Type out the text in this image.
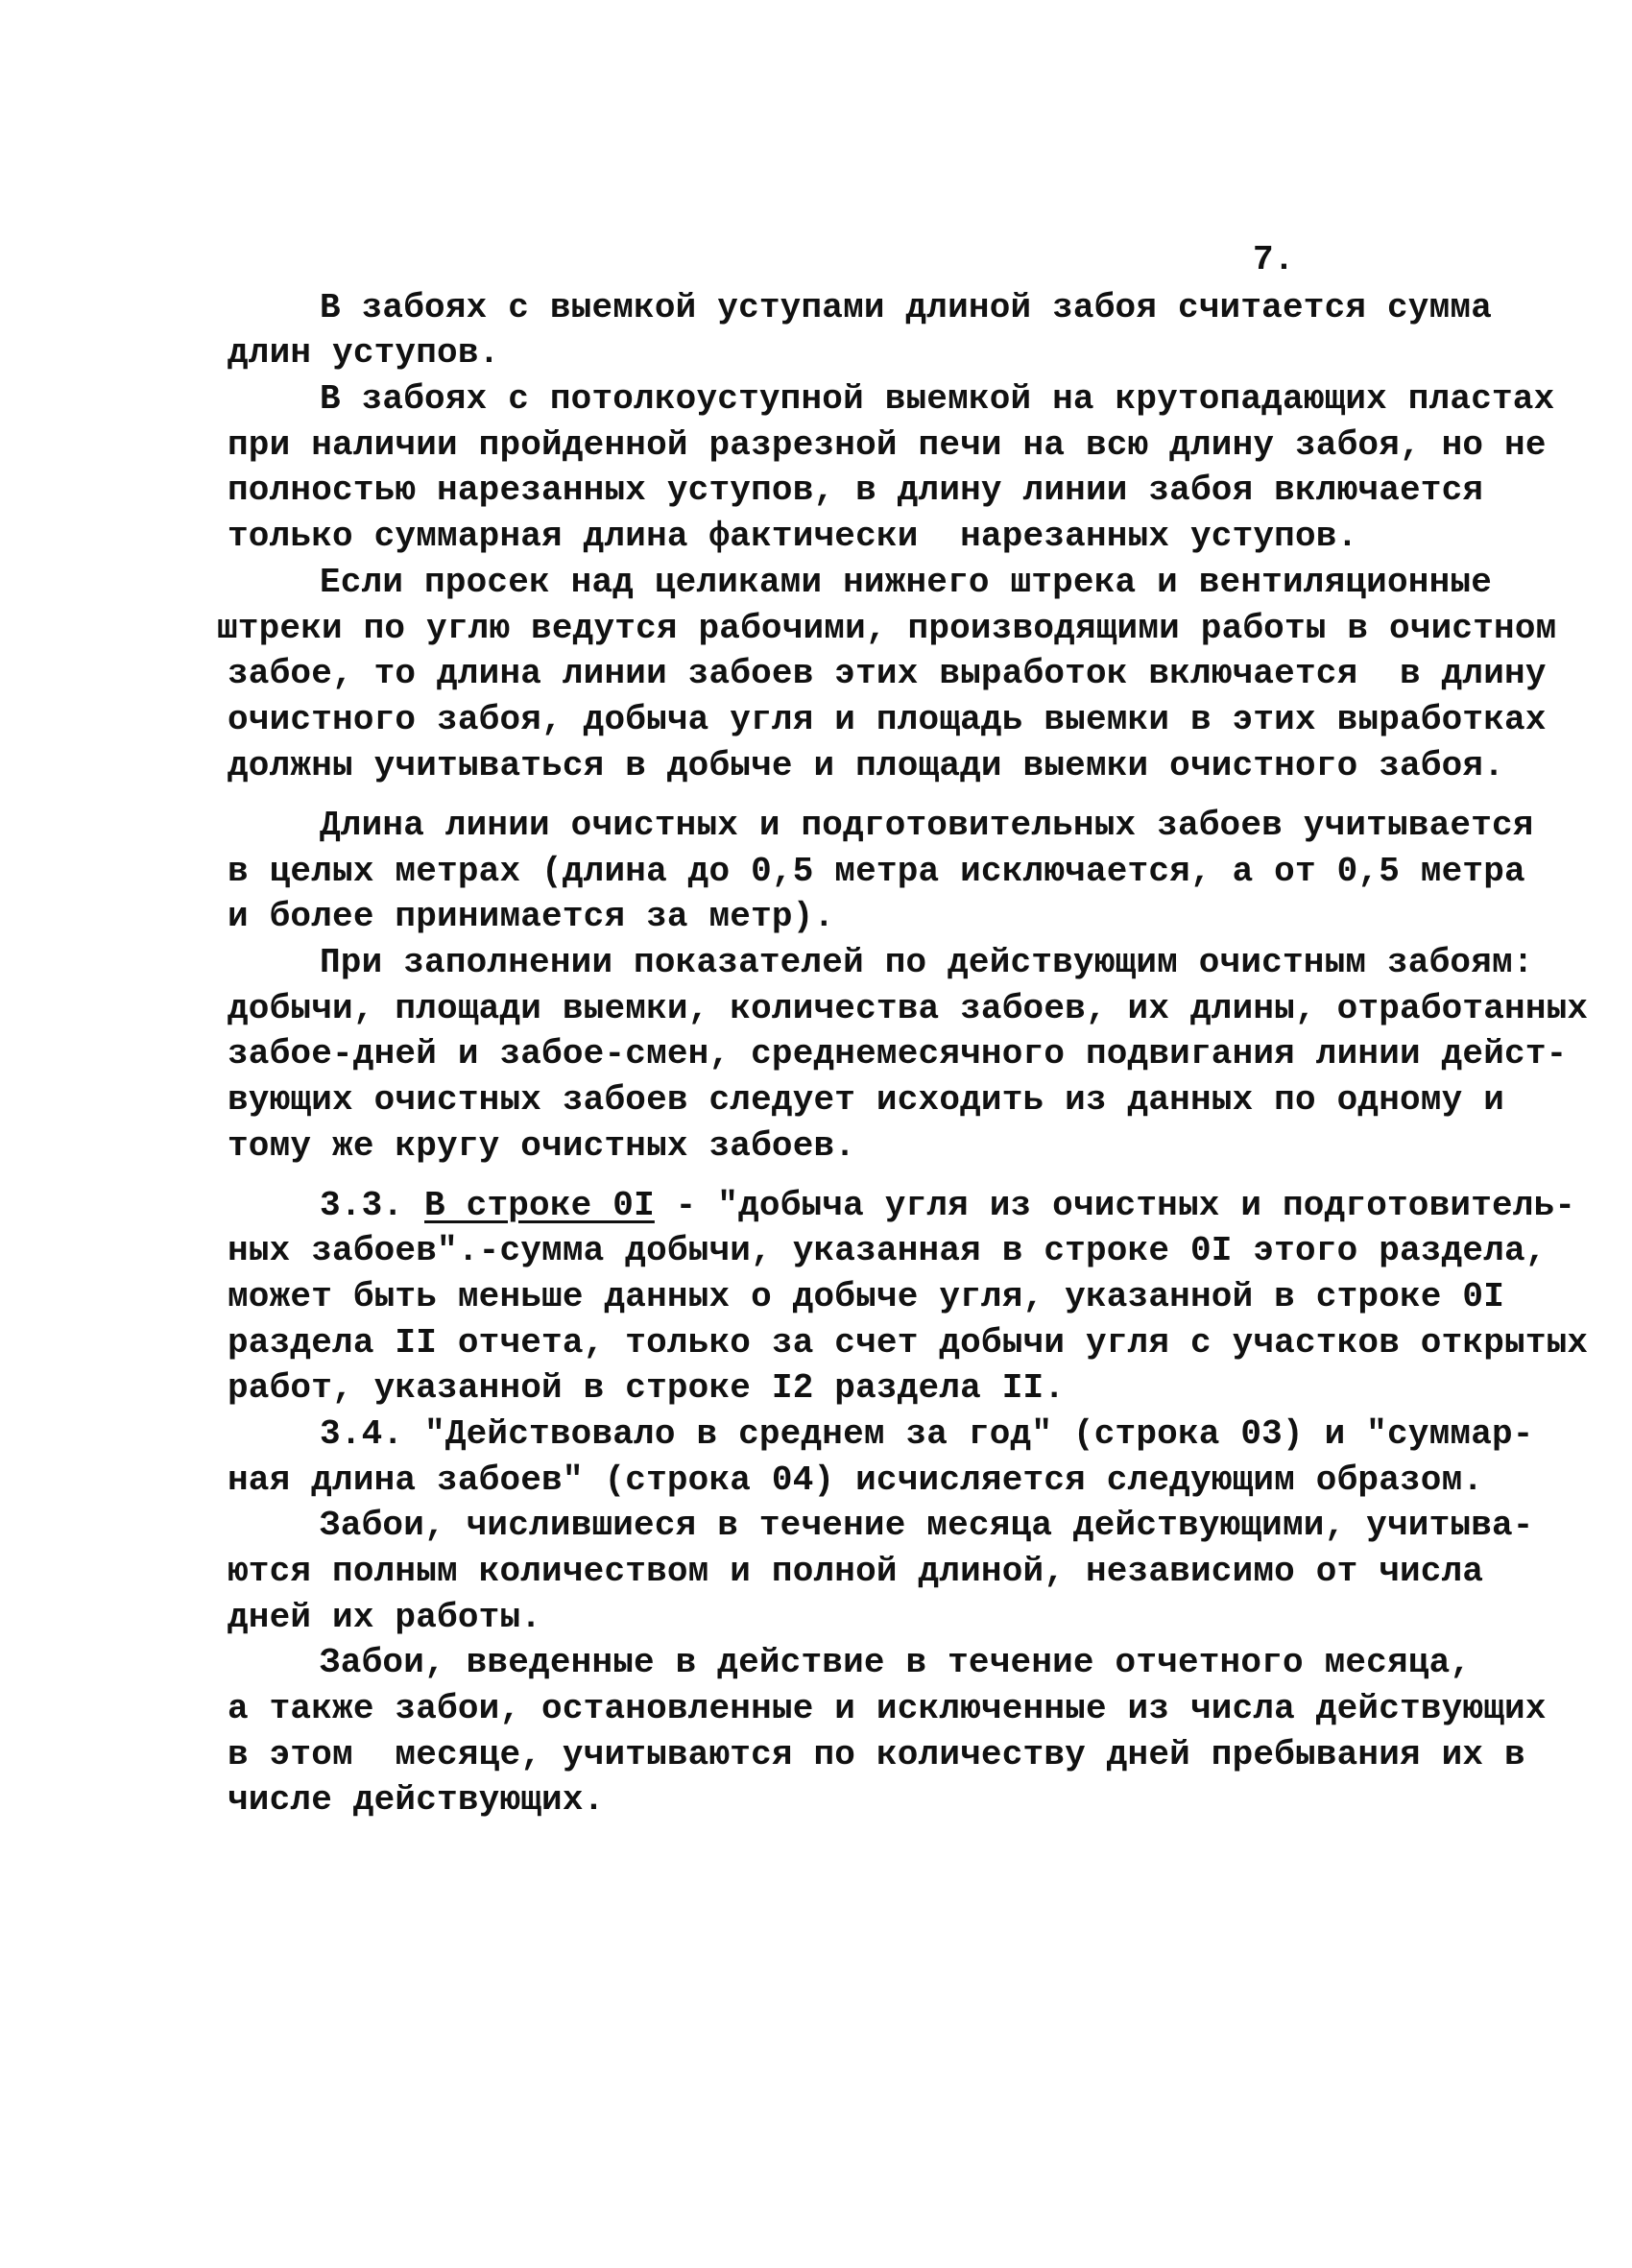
7.
В забоях с выемкой уступами длиной забоя считается сумма
длин уступов.
В забоях с потолкоуступной выемкой на крутопадающих пластах
при наличии пройденной разрезной печи на всю длину забоя, но не
полностью нарезанных уступов, в длину линии забоя включается
только суммарная длина фактически  нарезанных уступов.
Если просек над целиками нижнего штрека и вентиляционные
штреки по углю ведутся рабочими, производящими работы в очистном
забое, то длина линии забоев этих выработок включается  в длину
очистного забоя, добыча угля и площадь выемки в этих выработках
должны учитываться в добыче и площади выемки очистного забоя.
Длина линии очистных и подготовительных забоев учитывается
в целых метрах (длина до 0,5 метра исключается, а от 0,5 метра
и более принимается за метр).
При заполнении показателей по действующим очистным забоям:
добычи, площади выемки, количества забоев, их длины, отработанных
забое-дней и забое-смен, среднемесячного подвигания линии дейст-
вующих очистных забоев следует исходить из данных по одному и
тому же кругу очистных забоев.
3.3. В строке 0I - "добыча угля из очистных и подготовитель-
ных забоев".-сумма добычи, указанная в строке 0I этого раздела,
может быть меньше данных о добыче угля, указанной в строке 0I
раздела II отчета, только за счет добычи угля с участков открытых
работ, указанной в строке I2 раздела II.
3.4. "Действовало в среднем за год" (строка 03) и "суммар-
ная длина забоев" (строка 04) исчисляется следующим образом.
Забои, числившиеся в течение месяца действующими, учитыва-
ются полным количеством и полной длиной, независимо от числа
дней их работы.
Забои, введенные в действие в течение отчетного месяца,
а также забои, остановленные и исключенные из числа действующих
в этом  месяце, учитываются по количеству дней пребывания их в
числе действующих.
